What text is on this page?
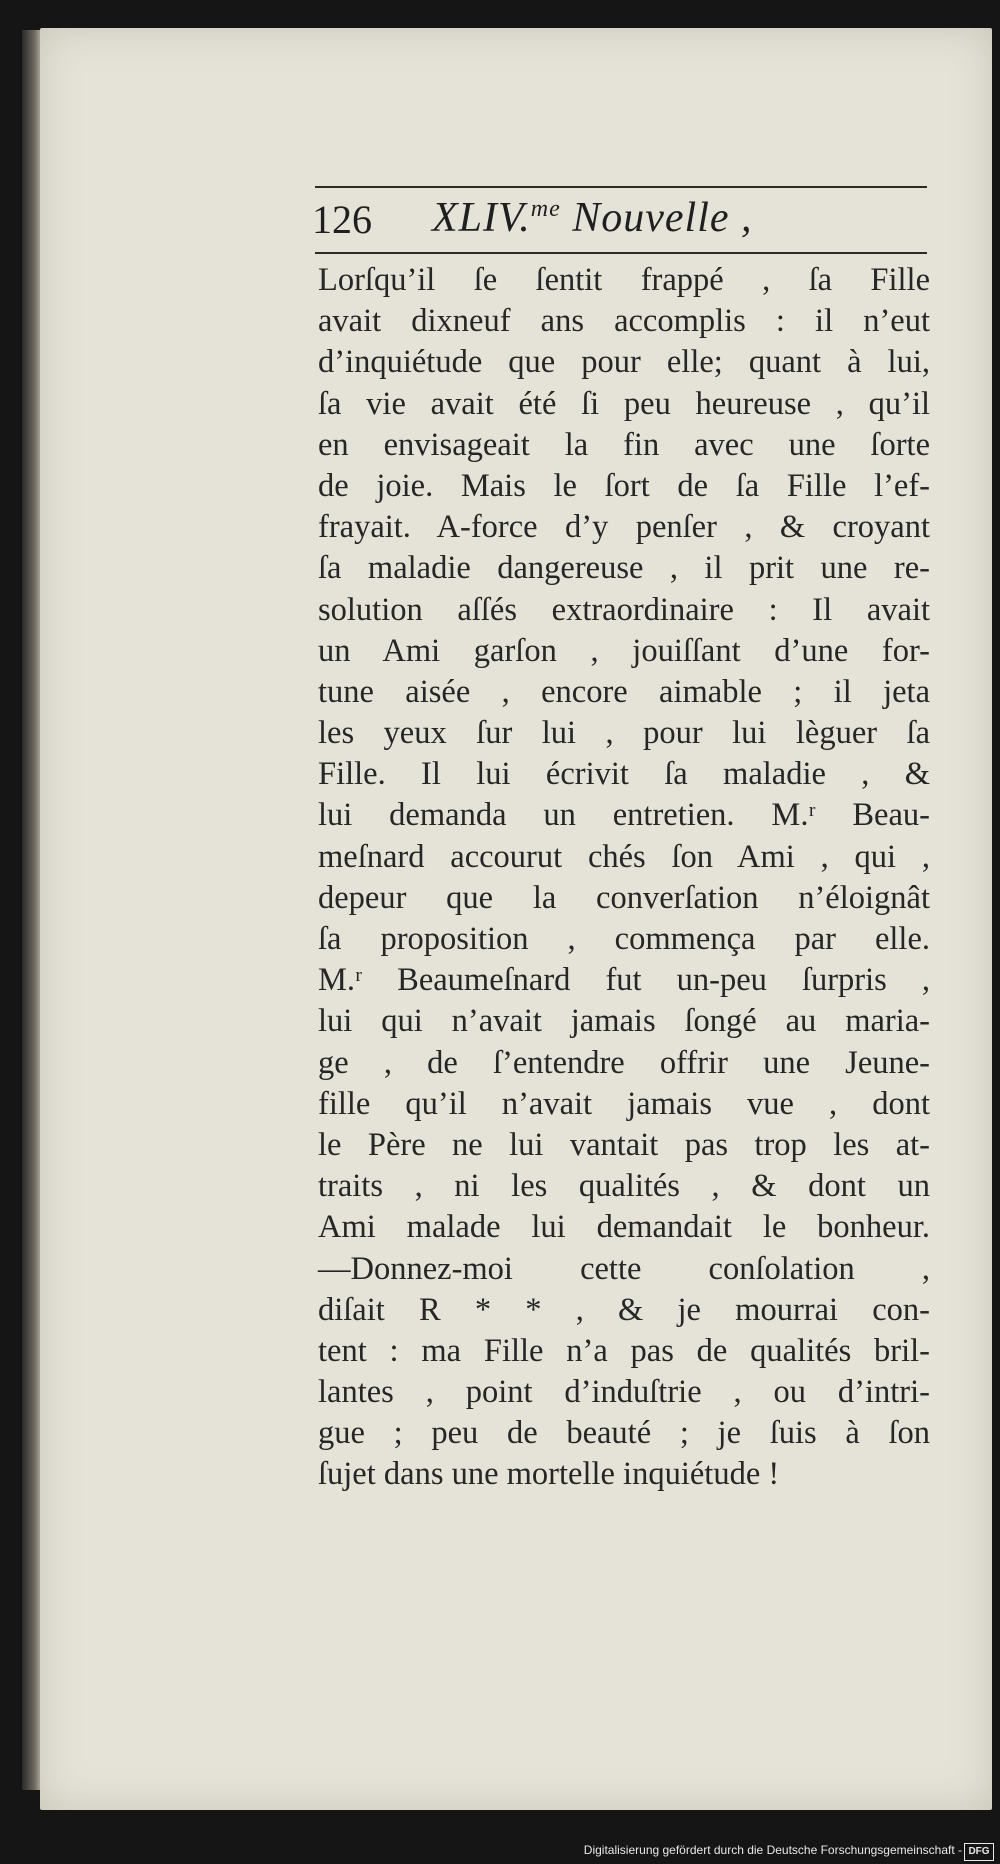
126 XLIV.$^{me}$ Nouvelle ,
Lorſqu’il ſe ſentit frappé , ſa Fille
avait dixneuf ans accomplis : il n’eut
d’inquiétude que pour elle; quant à lui,
ſa vie avait été ſi peu heureuse , qu’il
en envisageait la fin avec une ſorte
de joie. Mais le ſort de ſa Fille l’ef-
frayait. A-force d’y penſer , & croyant
ſa maladie dangereuse , il prit une re-
solution aſſés extraordinaire : Il avait
un Ami garſon , jouiſſant d’une for-
tune aisée , encore aimable ; il jeta
les yeux ſur lui , pour lui lèguer ſa
Fille. Il lui écrivit ſa maladie , &
lui demanda un entretien. M.ʳ Beau-
meſnard accourut chés ſon Ami , qui ,
depeur que la converſation n’éloignât
ſa proposition , commença par elle.
M.ʳ Beaumeſnard fut un-peu ſurpris ,
lui qui n’avait jamais ſongé au maria-
ge , de ſ’entendre offrir une Jeune-
fille qu’il n’avait jamais vue , dont
le Père ne lui vantait pas trop les at-
traits , ni les qualités , & dont un
Ami malade lui demandait le bonheur.
—Donnez-moi cette conſolation ,
diſait R * * , & je mourrai con-
tent : ma Fille n’a pas de qualités bril-
lantes , point d’induſtrie , ou d’intri-
gue ; peu de beauté ; je ſuis à ſon
ſujet dans une mortelle inquiétude !
Digitalisierung gefördert durch die Deutsche Forschungsgemeinschaft - DFG
